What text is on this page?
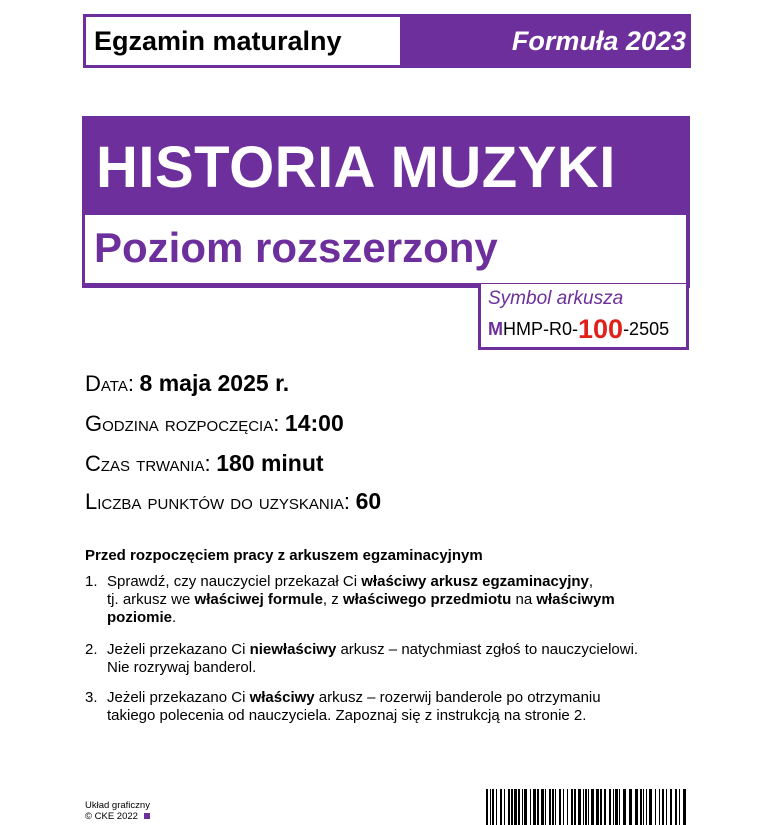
Egzamin maturalny	Formuła 2023
HISTORIA MUZYKI
Poziom rozszerzony
Symbol arkusza
MHMP-R0-100-2505
Data: 8 maja 2025 r.
Godzina rozpoczęcia: 14:00
Czas trwania: 180 minut
Liczba punktów do uzyskania: 60
Przed rozpoczęciem pracy z arkuszem egzaminacyjnym
1. Sprawdź, czy nauczyciel przekazał Ci właściwy arkusz egzaminacyjny,
tj. arkusz we właściwej formule, z właściwego przedmiotu na właściwym
poziomie.
2. Jeżeli przekazano Ci niewłaściwy arkusz – natychmiast zgłoś to nauczycielowi.
Nie rozrywaj banderol.
3. Jeżeli przekazano Ci właściwy arkusz – rozerwij banderole po otrzymaniu
takiego polecenia od nauczyciela. Zapoznaj się z instrukcją na stronie 2.
Układ graficzny
© CKE 2022
